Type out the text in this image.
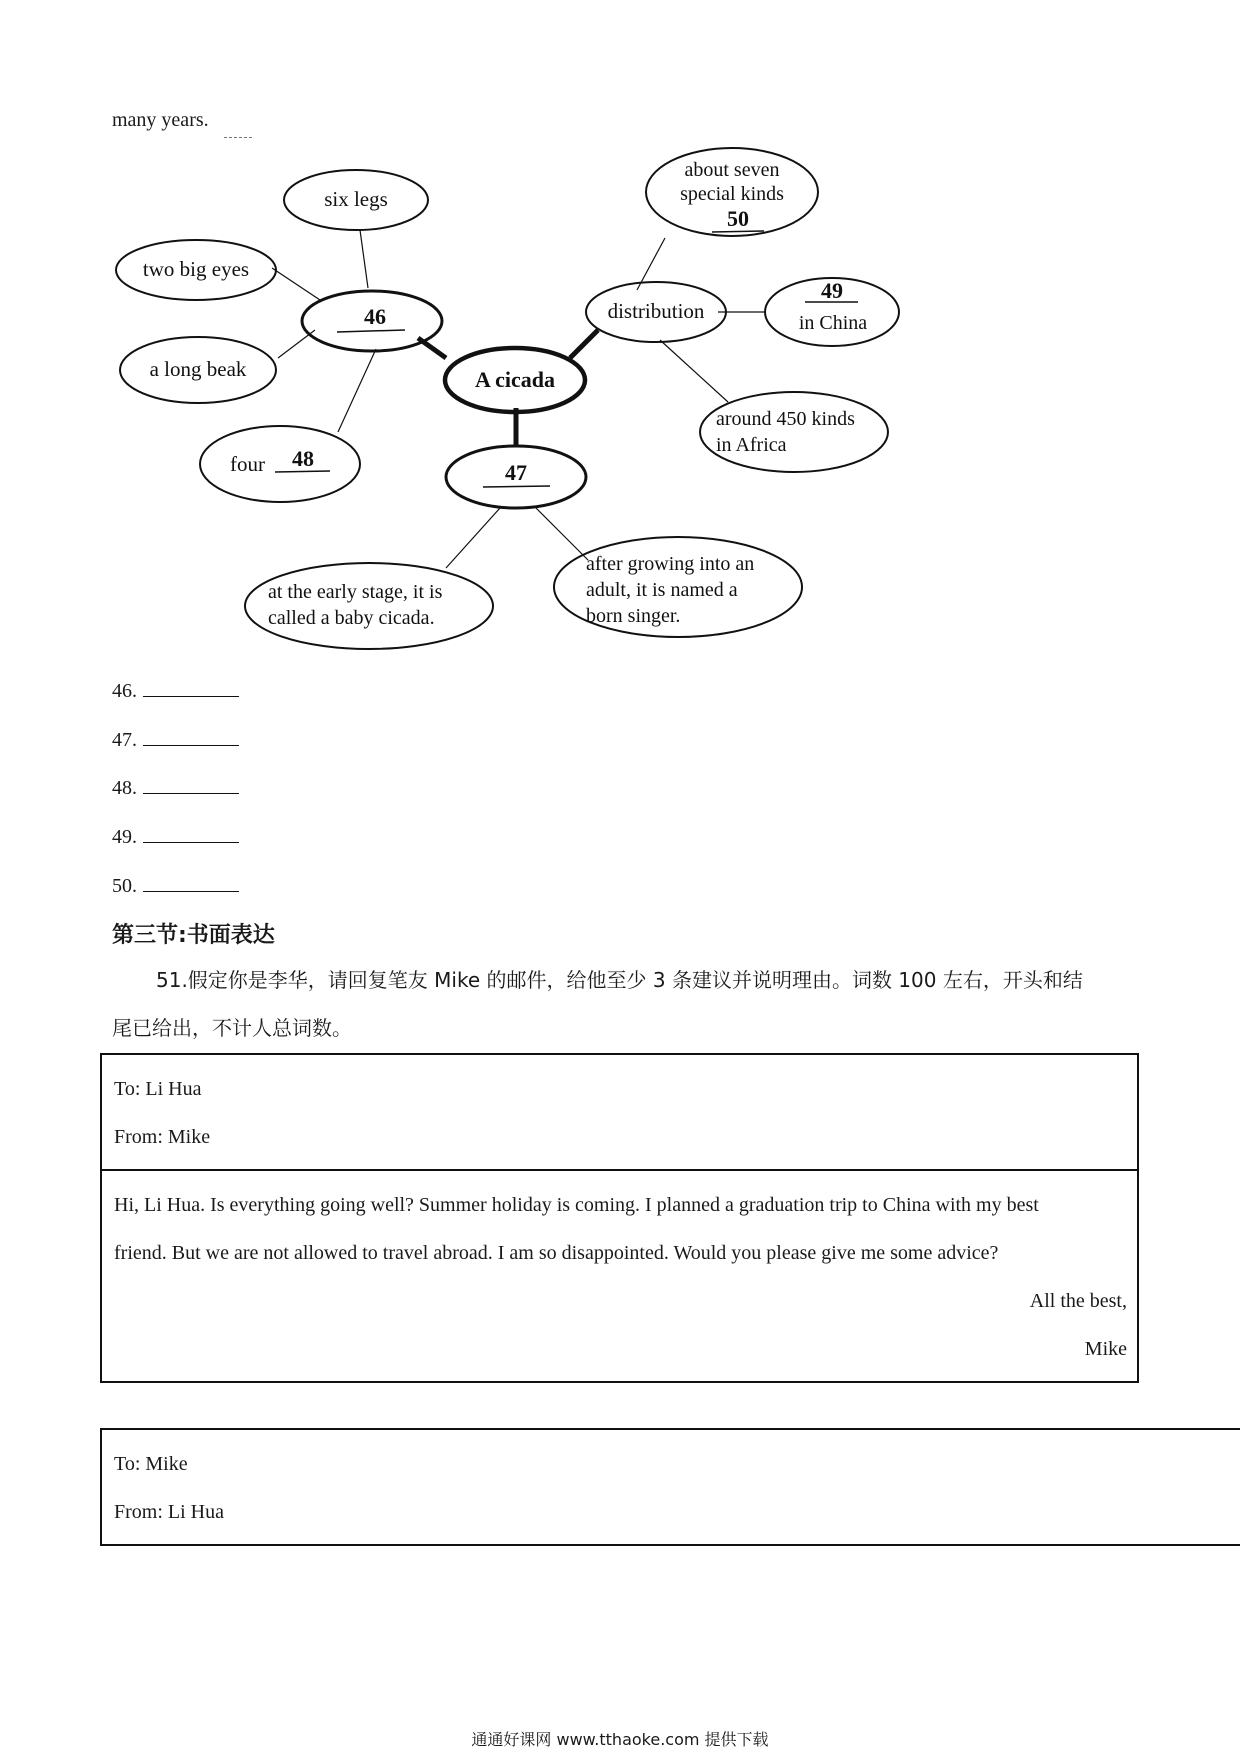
many years.
six legs
two big eyes
a long beak
46
A cicada
distribution
about seven
special kinds
50
49
in China
around 450 kinds
in Africa
four 48
47
at the early stage, it is
called a baby cicada.
after growing into an
adult, it is named a
born singer.
46.
47.
48.
49.
50.
第三节:书面表达
51.假定你是李华，请回复笔友 Mike 的邮件，给他至少 3 条建议并说明理由。词数 100 左右，开头和结
尾已给出，不计人总词数。
To: Li Hua
From: Mike
Hi, Li Hua. Is everything going well? Summer holiday is coming. I planned a graduation trip to China with my best
friend. But we are not allowed to travel abroad. I am so disappointed. Would you please give me some advice?
All the best,
Mike
To: Mike
From: Li Hua
通通好课网 www.tthaoke.com 提供下载
